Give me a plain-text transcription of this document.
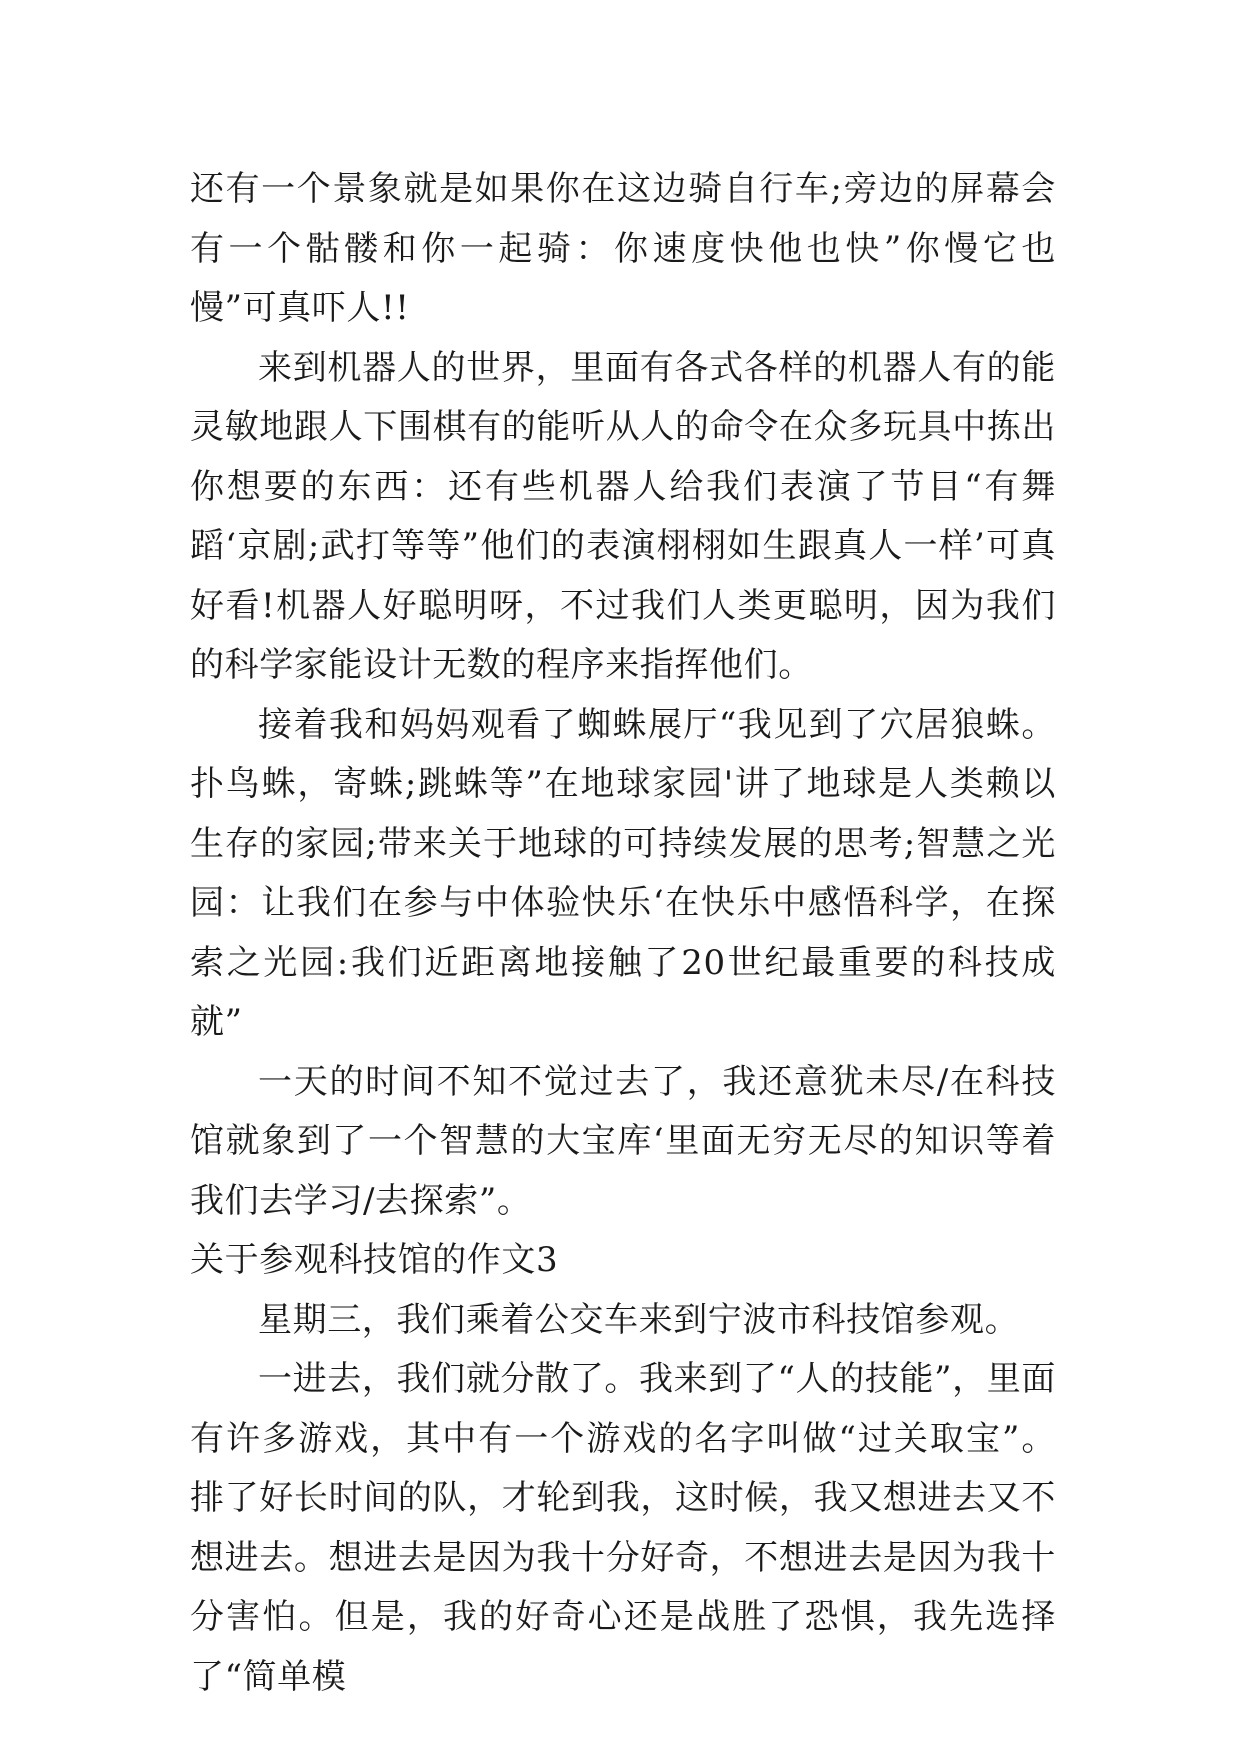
还有一个景象就是如果你在这边骑自行车;旁边的屏幕会有一个骷髅和你一起骑：你速度快他也快”你慢它也慢”可真吓人!!

来到机器人的世界，里面有各式各样的机器人有的能灵敏地跟人下围棋有的能听从人的命令在众多玩具中拣出你想要的东西：还有些机器人给我们表演了节目“有舞蹈‘京剧;武打等等”他们的表演栩栩如生跟真人一样’可真好看!机器人好聪明呀，不过我们人类更聪明，因为我们的科学家能设计无数的程序来指挥他们。

接着我和妈妈观看了蜘蛛展厅“我见到了穴居狼蛛。扑鸟蛛，寄蛛;跳蛛等”在地球家园'讲了地球是人类赖以生存的家园;带来关于地球的可持续发展的思考;智慧之光园：让我们在参与中体验快乐‘在快乐中感悟科学，在探索之光园:我们近距离地接触了20世纪最重要的科技成就”

一天的时间不知不觉过去了，我还意犹未尽/在科技馆就象到了一个智慧的大宝库‘里面无穷无尽的知识等着我们去学习/去探索”。

关于参观科技馆的作文3

星期三，我们乘着公交车来到宁波市科技馆参观。

一进去，我们就分散了。我来到了“人的技能”，里面有许多游戏，其中有一个游戏的名字叫做“过关取宝”。排了好长时间的队，才轮到我，这时候，我又想进去又不想进去。想进去是因为我十分好奇，不想进去是因为我十分害怕。但是，我的好奇心还是战胜了恐惧，我先选择了“简单模
